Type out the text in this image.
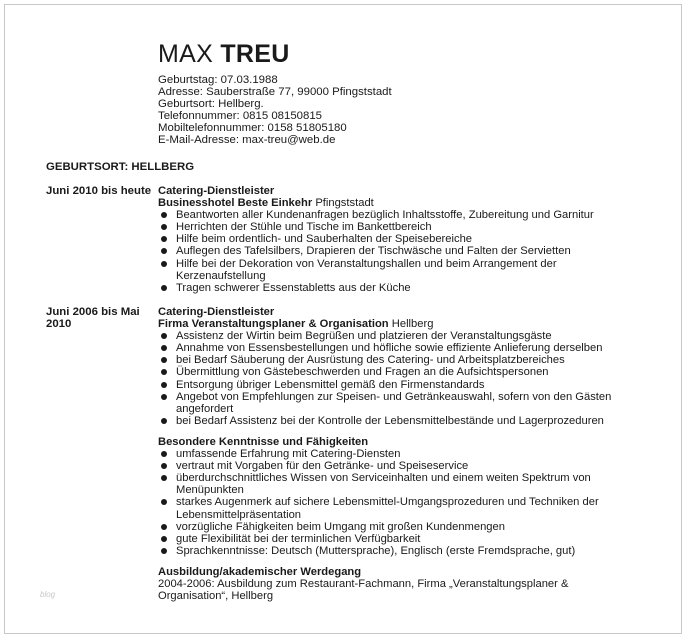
MAX TREU
Geburtstag: 07.03.1988
Adresse: Sauberstraße 77, 99000 Pfingststadt
Geburtsort: Hellberg.
Telefonnummer: 0815 08150815
Mobiltelefonnummer: 0158 51805180
E-Mail-Adresse: max-treu@web.de
GEBURTSORT: HELLBERG
Juni 2010 bis heute Catering-Dienstleister
Businesshotel Beste Einkehr Pfingststadt
Beantworten aller Kundenanfragen bezüglich Inhaltsstoffe, Zubereitung und Garnitur
Herrichten der Stühle und Tische im Bankettbereich
Hilfe beim ordentlich- und Sauberhalten der Speisebereiche
Auflegen des Tafelsilbers, Drapieren der Tischwäsche und Falten der Servietten
Hilfe bei der Dekoration von Veranstaltungshallen und beim Arrangement der Kerzenaufstellung
Tragen schwerer Essenstabletts aus der Küche
Juni 2006 bis Mai 2010
Catering-Dienstleister
Firma Veranstaltungsplaner & Organisation Hellberg
Assistenz der Wirtin beim Begrüßen und platzieren der Veranstaltungsgäste
Annahme von Essensbestellungen und höfliche sowie effiziente Anlieferung derselben
bei Bedarf Säuberung der Ausrüstung des Catering- und Arbeitsplatzbereiches
Übermittlung von Gästebeschwerden und Fragen an die Aufsichtspersonen
Entsorgung übriger Lebensmittel gemäß den Firmenstandards
Angebot von Empfehlungen zur Speisen- und Getränkeauswahl, sofern von den Gästen angefordert
bei Bedarf Assistenz bei der Kontrolle der Lebensmittelbestände und Lagerprozeduren
Besondere Kenntnisse und Fähigkeiten
umfassende Erfahrung mit Catering-Diensten
vertraut mit Vorgaben für den Getränke- und Speiseservice
überdurchschnittliches Wissen von Serviceinhalten und einem weiten Spektrum von Menüpunkten
starkes Augenmerk auf sichere Lebensmittel-Umgangsprozeduren und Techniken der Lebensmittelpräsentation
vorzügliche Fähigkeiten beim Umgang mit großen Kundenmengen
gute Flexibilität bei der terminlichen Verfügbarkeit
Sprachkenntnisse: Deutsch (Muttersprache), Englisch (erste Fremdsprache, gut)
Ausbildung/akademischer Werdegang
2004-2006: Ausbildung zum Restaurant-Fachmann, Firma „Veranstaltungsplaner & Organisation“, Hellberg
blog
